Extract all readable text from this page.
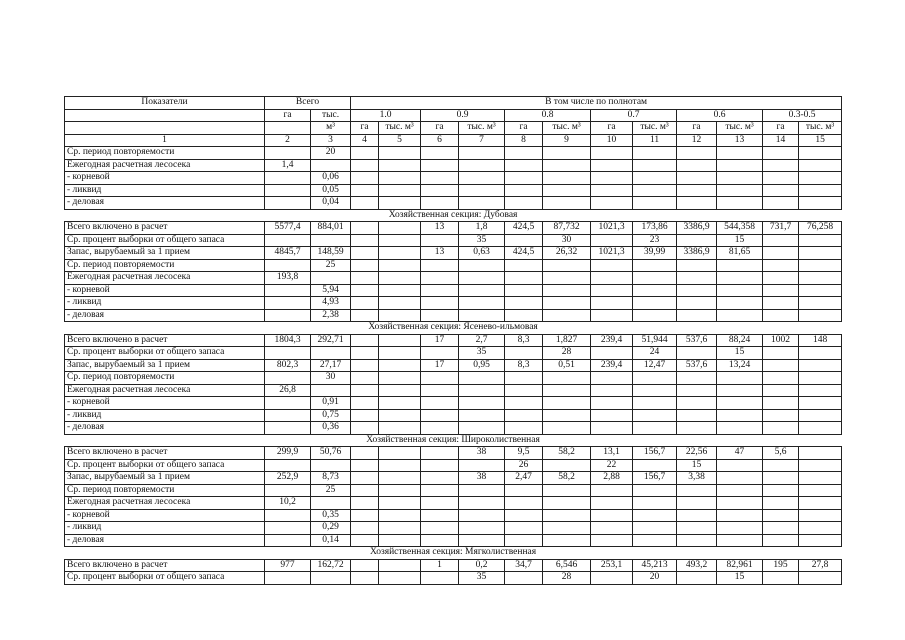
Показатели	Всего		В том числе по полнотам											
	га	тыс.	1.0		0.9		0.8		0.7		0.6		0.3-0.5	
		м³	га	тыс. м³	га	тыс. м³	га	тыс. м³	га	тыс. м³	га	тыс. м³	га	тыс. м³
1	2	3	4	5	6	7	8	9	10	11	12	13	14	15
Ср. период повторяемости		20												
Ежегодная расчетная лесосека	1,4													
- корневой		0,06												
- ликвид		0,05												
- деловая		0,04												
Хозяйственная секция: Дубовая														
Всего включено в расчет	5577,4	884,01			13	1,8	424,5	87,732	1021,3	173,86	3386,9	544,358	731,7	76,258
Ср. процент выборки от общего запаса						35		30		23		15		
Запас, вырубаемый за 1 прием	4845,7	148,59			13	0,63	424,5	26,32	1021,3	39,99	3386,9	81,65		
Ср. период повторяемости		25												
Ежегодная расчетная лесосека	193,8													
- корневой		5,94												
- ликвид		4,93												
- деловая		2,38												
Хозяйственная секция: Ясенево-ильмовая														
Всего включено в расчет	1804,3	292,71			17	2,7	8,3	1,827	239,4	51,944	537,6	88,24	1002	148
Ср. процент выборки от общего запаса						35		28		24		15		
Запас, вырубаемый за 1 прием	802,3	27,17			17	0,95	8,3	0,51	239,4	12,47	537,6	13,24		
Ср. период повторяемости		30												
Ежегодная расчетная лесосека	26,8													
- корневой		0,91												
- ликвид		0,75												
- деловая		0,36												
Хозяйственная секция: Широколиственная														
Всего включено в расчет	299,9	50,76				38	9,5	58,2	13,1	156,7	22,56	47	5,6	
Ср. процент выборки от общего запаса							26		22		15			
Запас, вырубаемый за 1 прием	252,9	8,73				38	2,47	58,2	2,88	156,7	3,38			
Ср. период повторяемости		25												
Ежегодная расчетная лесосека	10,2													
- корневой		0,35												
- ликвид		0,29												
- деловая		0,14												
Хозяйственная секция: Мягколиственная														
Всего включено в расчет	977	162,72			1	0,2	34,7	6,546	253,1	45,213	493,2	82,961	195	27,8
Ср. процент выборки от общего запаса						35		28		20		15		
